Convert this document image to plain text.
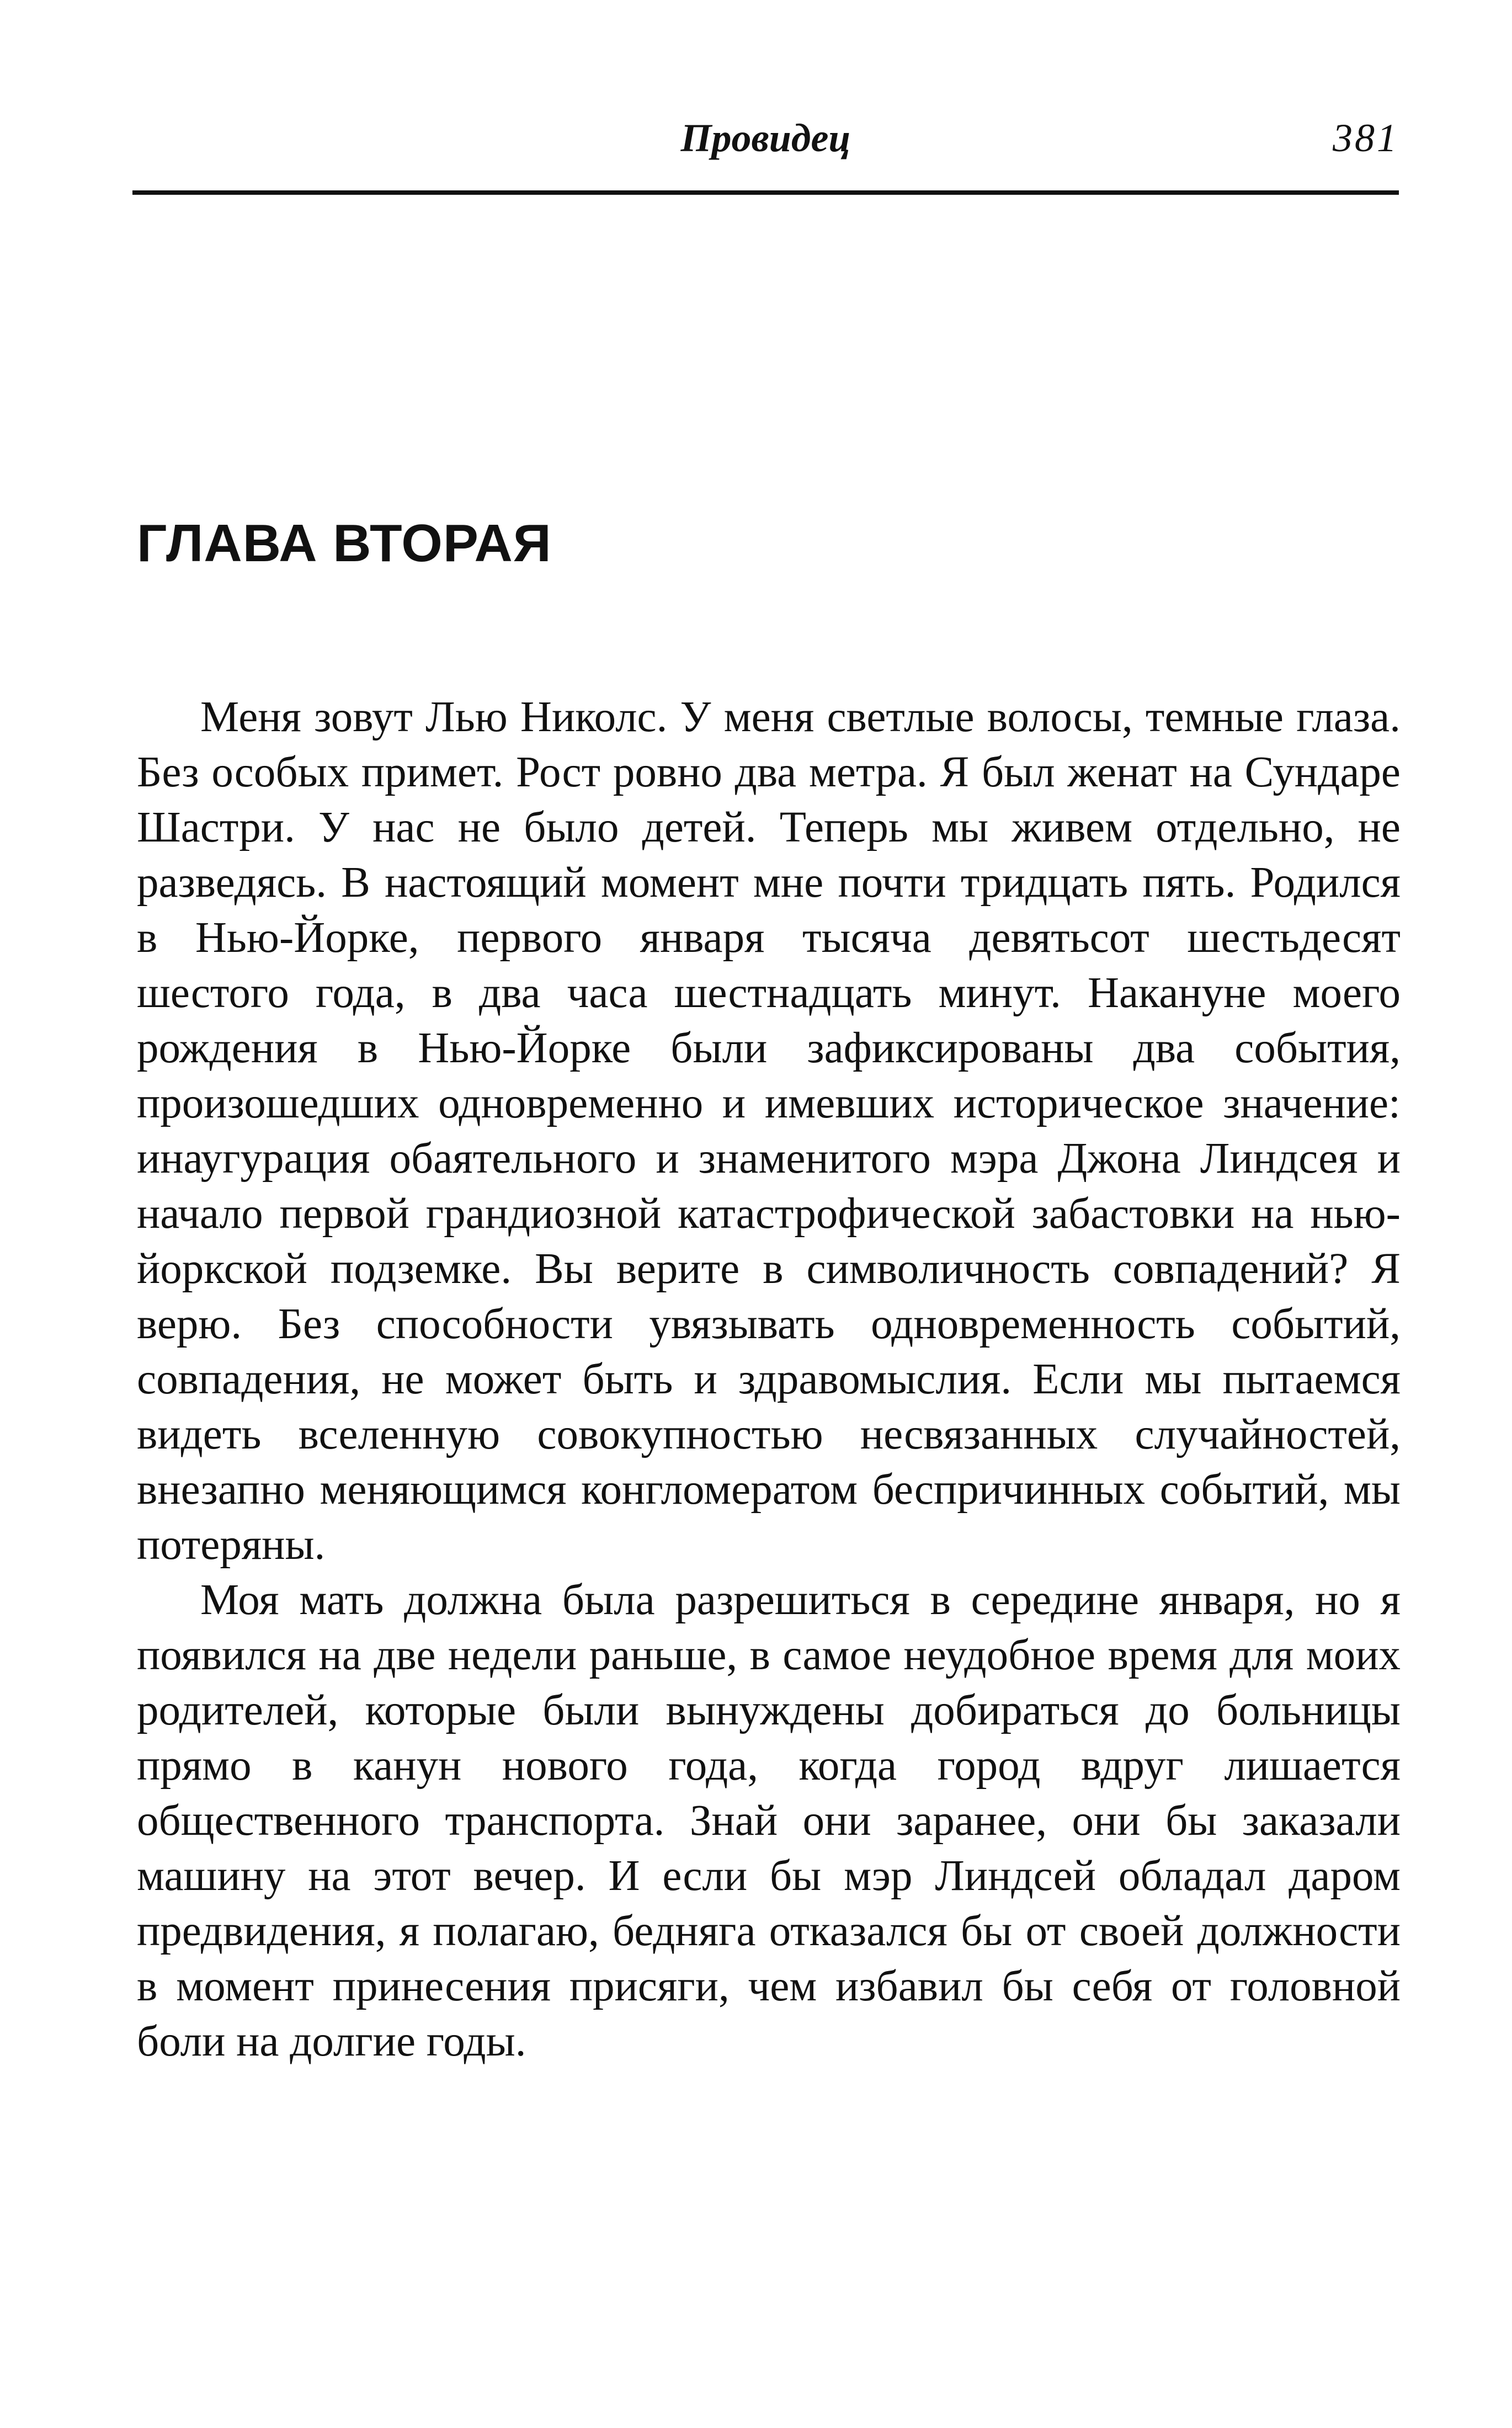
Провидец	381
ГЛАВА ВТОРАЯ

Меня зовут Лью Николс. У меня светлые волосы, темные глаза. Без особых примет. Рост ровно два метра. Я был женат на Сундаре Шастри. У нас не было детей. Теперь мы живем отдельно, не разведясь. В настоящий момент мне почти тридцать пять. Родился в Нью-Йорке, первого января тысяча девятьсот шестьдесят шестого года, в два часа шестнадцать минут. Накануне моего рождения в Нью-Йорке были зафиксированы два события, произошедших одновременно и имевших историческое значение: инаугурация обаятельного и знаменитого мэра Джона Линдсея и начало первой грандиозной катастрофической забастовки на нью-йоркской подземке. Вы верите в символичность совпадений? Я верю. Без способности увязывать одновременность событий, совпадения, не может быть и здравомыслия. Если мы пытаемся видеть вселенную совокупностью несвязанных случайностей, внезапно меняющимся конгломератом беспричинных событий, мы потеряны.

Моя мать должна была разрешиться в середине января, но я появился на две недели раньше, в самое неудобное время для моих родителей, которые были вынуждены добираться до больницы прямо в канун нового года, когда город вдруг лишается общественного транспорта. Знай они заранее, они бы заказали машину на этот вечер. И если бы мэр Линдсей обладал даром предвидения, я полагаю, бедняга отказался бы от своей должности в момент принесения присяги, чем избавил бы себя от головной боли на долгие годы.
